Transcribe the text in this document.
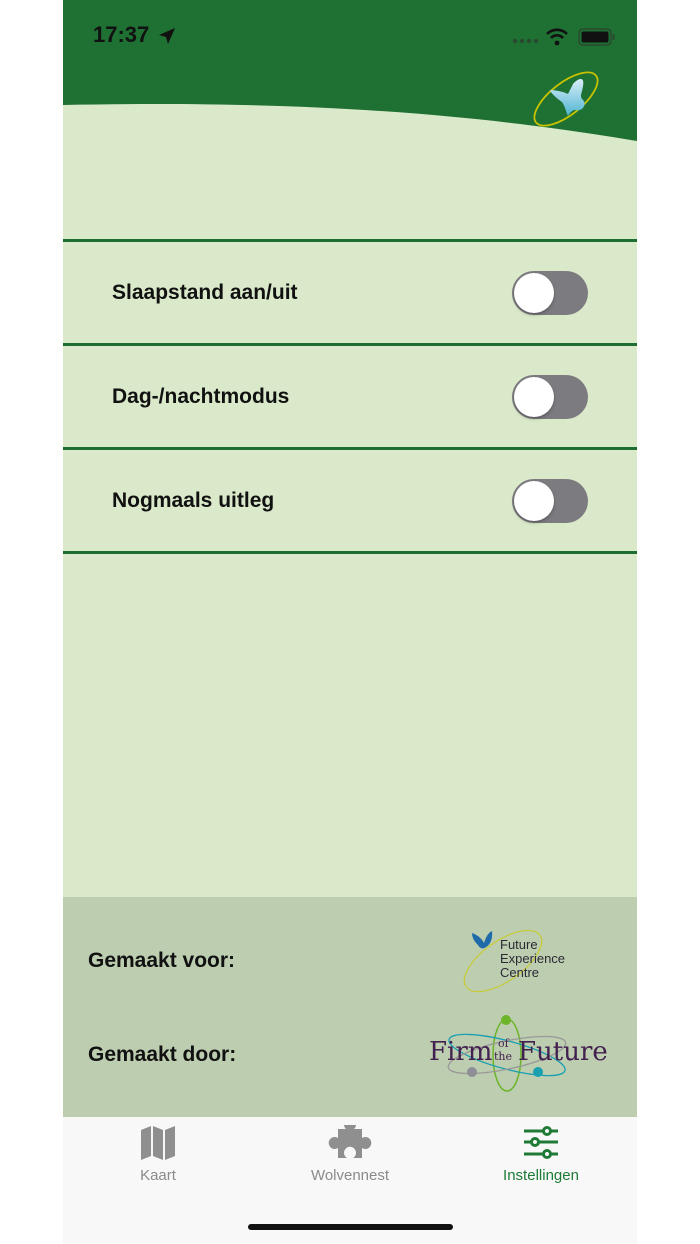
17:37
Slaapstand aan/uit
Dag-/nachtmodus
Nogmaals uitleg
Gemaakt voor:
Future Experience Centre
Gemaakt door:	Firm of
the Future
Kaart	Wolvennest	Instellingen
